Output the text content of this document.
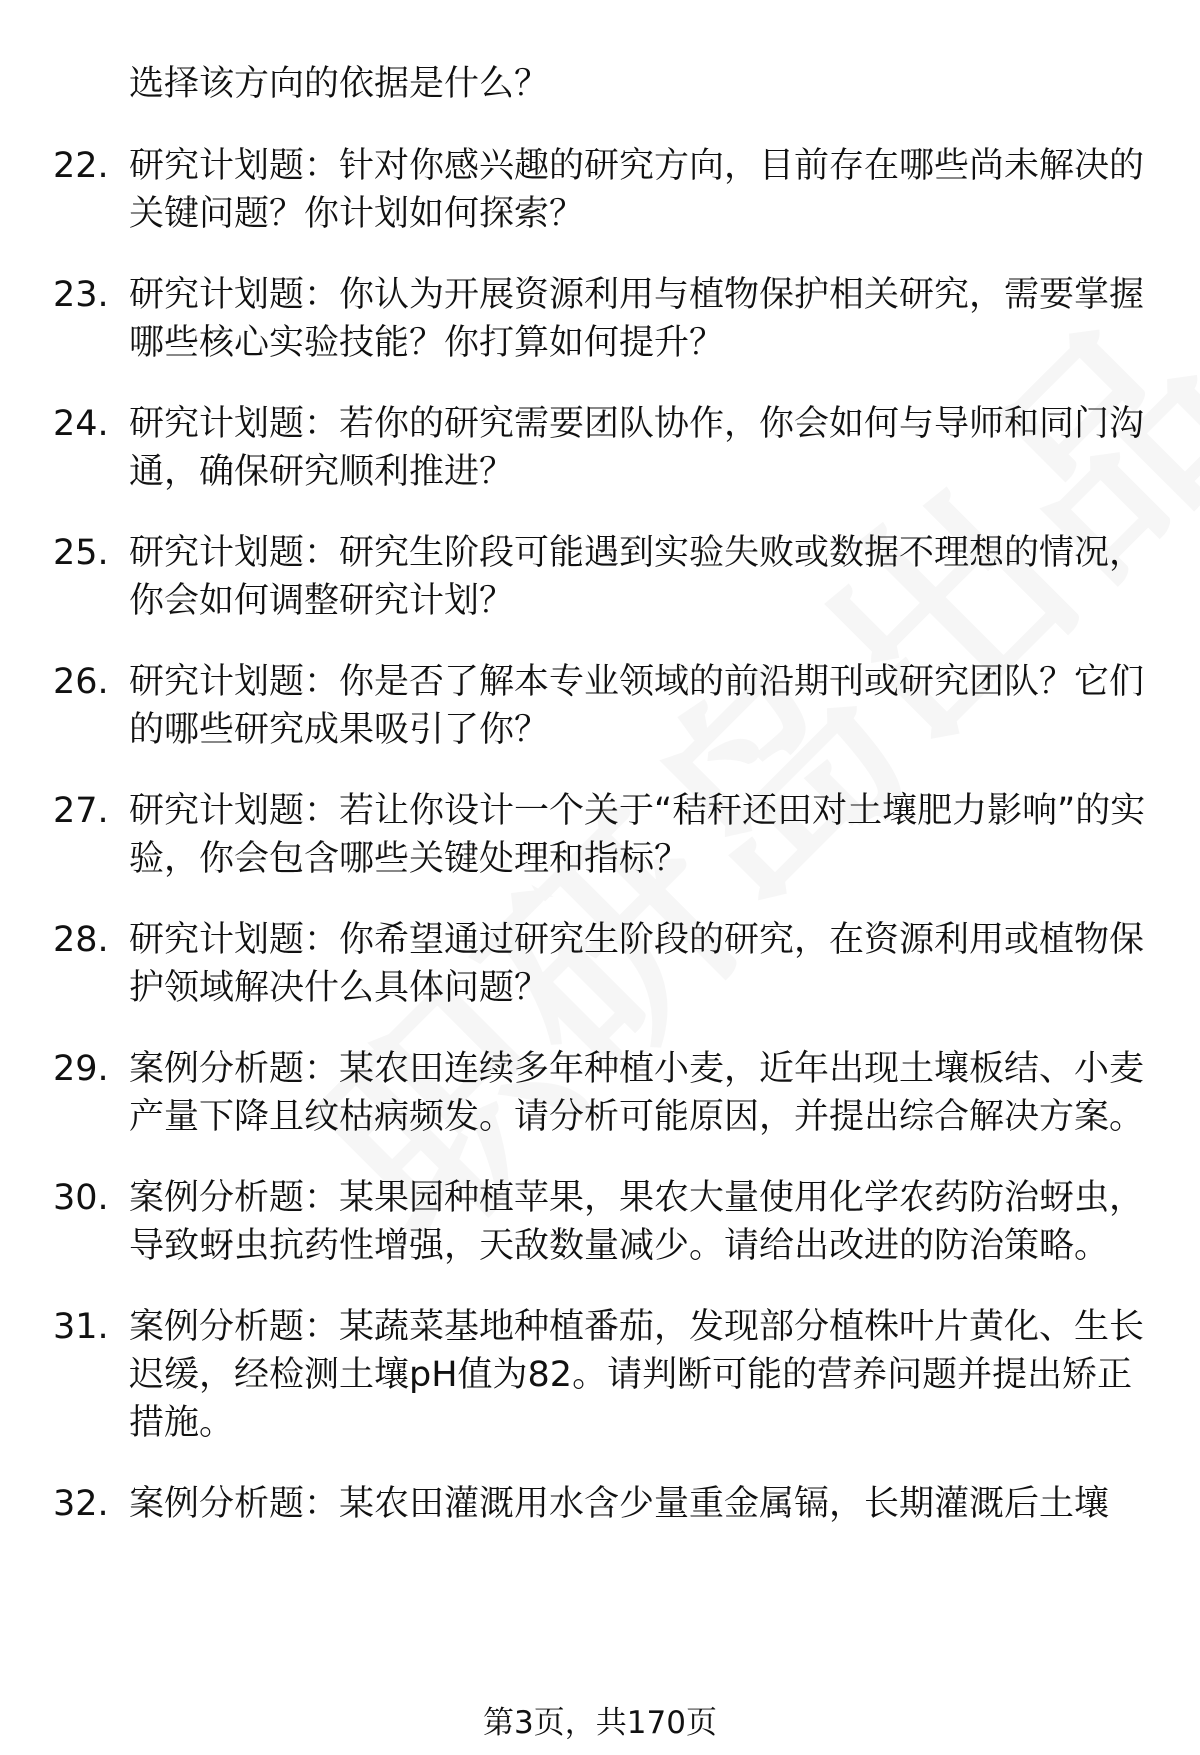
选择该方向的依据是什么？
22. 研究计划题：针对你感兴趣的研究方向，目前存在哪些尚未解决的关键问题？你计划如何探索？
23. 研究计划题：你认为开展资源利用与植物保护相关研究，需要掌握哪些核心实验技能？你打算如何提升？
24. 研究计划题：若你的研究需要团队协作，你会如何与导师和同门沟通，确保研究顺利推进？
25. 研究计划题：研究生阶段可能遇到实验失败或数据不理想的情况，你会如何调整研究计划？
26. 研究计划题：你是否了解本专业领域的前沿期刊或研究团队？它们的哪些研究成果吸引了你？
27. 研究计划题：若让你设计一个关于“秸秆还田对土壤肥力影响”的实验，你会包含哪些关键处理和指标？
28. 研究计划题：你希望通过研究生阶段的研究，在资源利用或植物保护领域解决什么具体问题？
29. 案例分析题：某农田连续多年种植小麦，近年出现土壤板结、小麦产量下降且纹枯病频发。请分析可能原因，并提出综合解决方案。
30. 案例分析题：某果园种植苹果，果农大量使用化学农药防治蚜虫，导致蚜虫抗药性增强，天敌数量减少。请给出改进的防治策略。
31. 案例分析题：某蔬菜基地种植番茄，发现部分植株叶片黄化、生长迟缓，经检测土壤pH值为82。请判断可能的营养问题并提出矫正措施。
32. 案例分析题：某农田灌溉用水含少量重金属镉，长期灌溉后土壤
第3页，共170页
